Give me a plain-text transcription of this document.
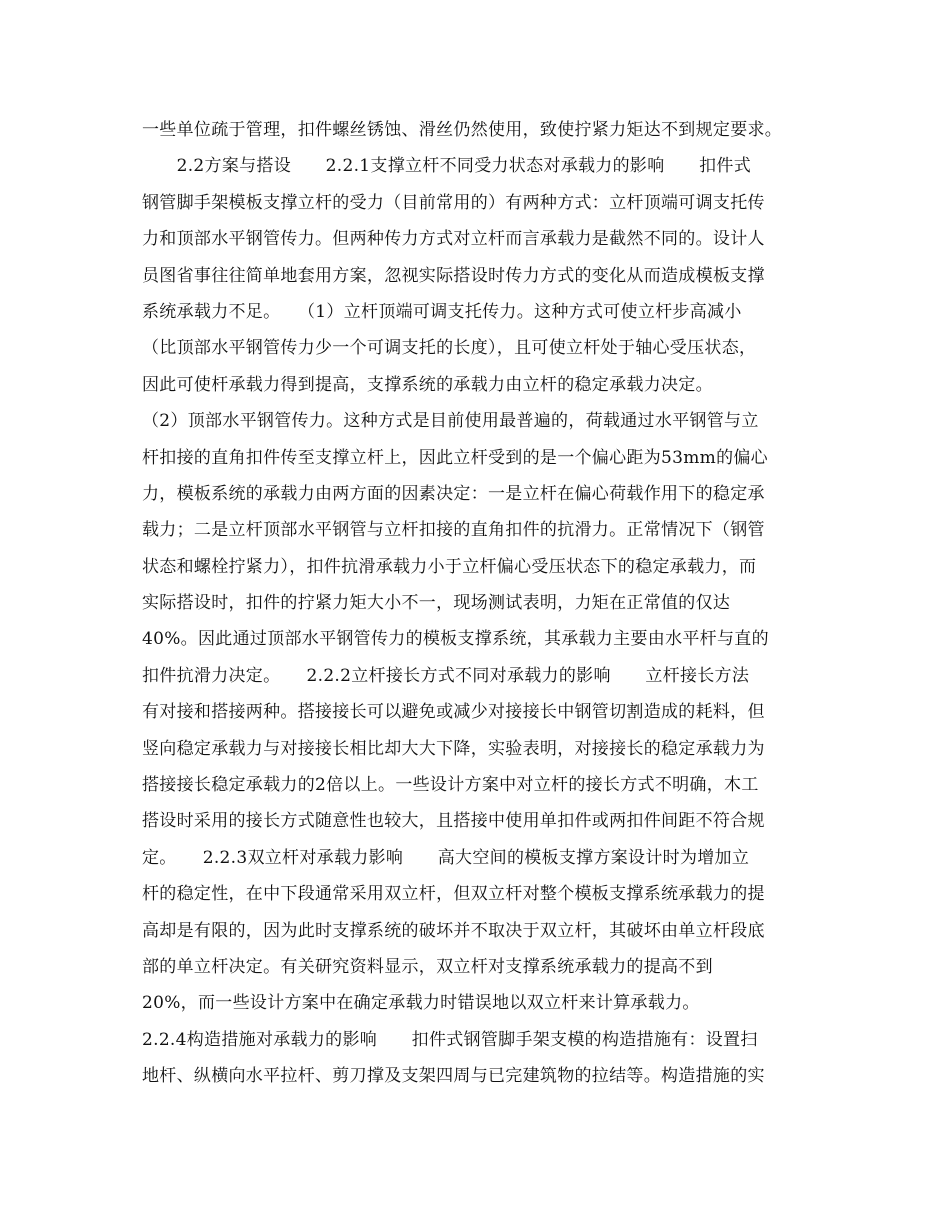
一些单位疏于管理，扣件螺丝锈蚀、滑丝仍然使用，致使拧紧力矩达不到规定要求。
　　2.2方案与搭设　　2.2.1支撑立杆不同受力状态对承载力的影响　　扣件式
钢管脚手架模板支撑立杆的受力（目前常用的）有两种方式：立杆顶端可调支托传
力和顶部水平钢管传力。但两种传力方式对立杆而言承载力是截然不同的。设计人
员图省事往往简单地套用方案，忽视实际搭设时传力方式的变化从而造成模板支撑
系统承载力不足。　　（1）立杆顶端可调支托传力。这种方式可使立杆步高减小
（比顶部水平钢管传力少一个可调支托的长度），且可使立杆处于轴心受压状态，
因此可使杆承载力得到提高，支撑系统的承载力由立杆的稳定承载力决定。
（2）顶部水平钢管传力。这种方式是目前使用最普遍的，荷载通过水平钢管与立
杆扣接的直角扣件传至支撑立杆上，因此立杆受到的是一个偏心距为53mm的偏心
力，模板系统的承载力由两方面的因素决定：一是立杆在偏心荷载作用下的稳定承
载力；二是立杆顶部水平钢管与立杆扣接的直角扣件的抗滑力。正常情况下（钢管
状态和螺栓拧紧力），扣件抗滑承载力小于立杆偏心受压状态下的稳定承载力，而
实际搭设时，扣件的拧紧力矩大小不一，现场测试表明，力矩在正常值的仅达
40%。因此通过顶部水平钢管传力的模板支撑系统，其承载力主要由水平杆与直的
扣件抗滑力决定。　　2.2.2立杆接长方式不同对承载力的影响　　立杆接长方法
有对接和搭接两种。搭接接长可以避免或减少对接接长中钢管切割造成的耗料，但
竖向稳定承载力与对接接长相比却大大下降，实验表明，对接接长的稳定承载力为
搭接接长稳定承载力的2倍以上。一些设计方案中对立杆的接长方式不明确，木工
搭设时采用的接长方式随意性也较大，且搭接中使用单扣件或两扣件间距不符合规
定。　　2.2.3双立杆对承载力影响　　高大空间的模板支撑方案设计时为增加立
杆的稳定性，在中下段通常采用双立杆，但双立杆对整个模板支撑系统承载力的提
高却是有限的，因为此时支撑系统的破坏并不取决于双立杆，其破坏由单立杆段底
部的单立杆决定。有关研究资料显示，双立杆对支撑系统承载力的提高不到
20%，而一些设计方案中在确定承载力时错误地以双立杆来计算承载力。
2.2.4构造措施对承载力的影响　　扣件式钢管脚手架支模的构造措施有：设置扫
地杆、纵横向水平拉杆、剪刀撑及支架四周与已完建筑物的拉结等。构造措施的实
